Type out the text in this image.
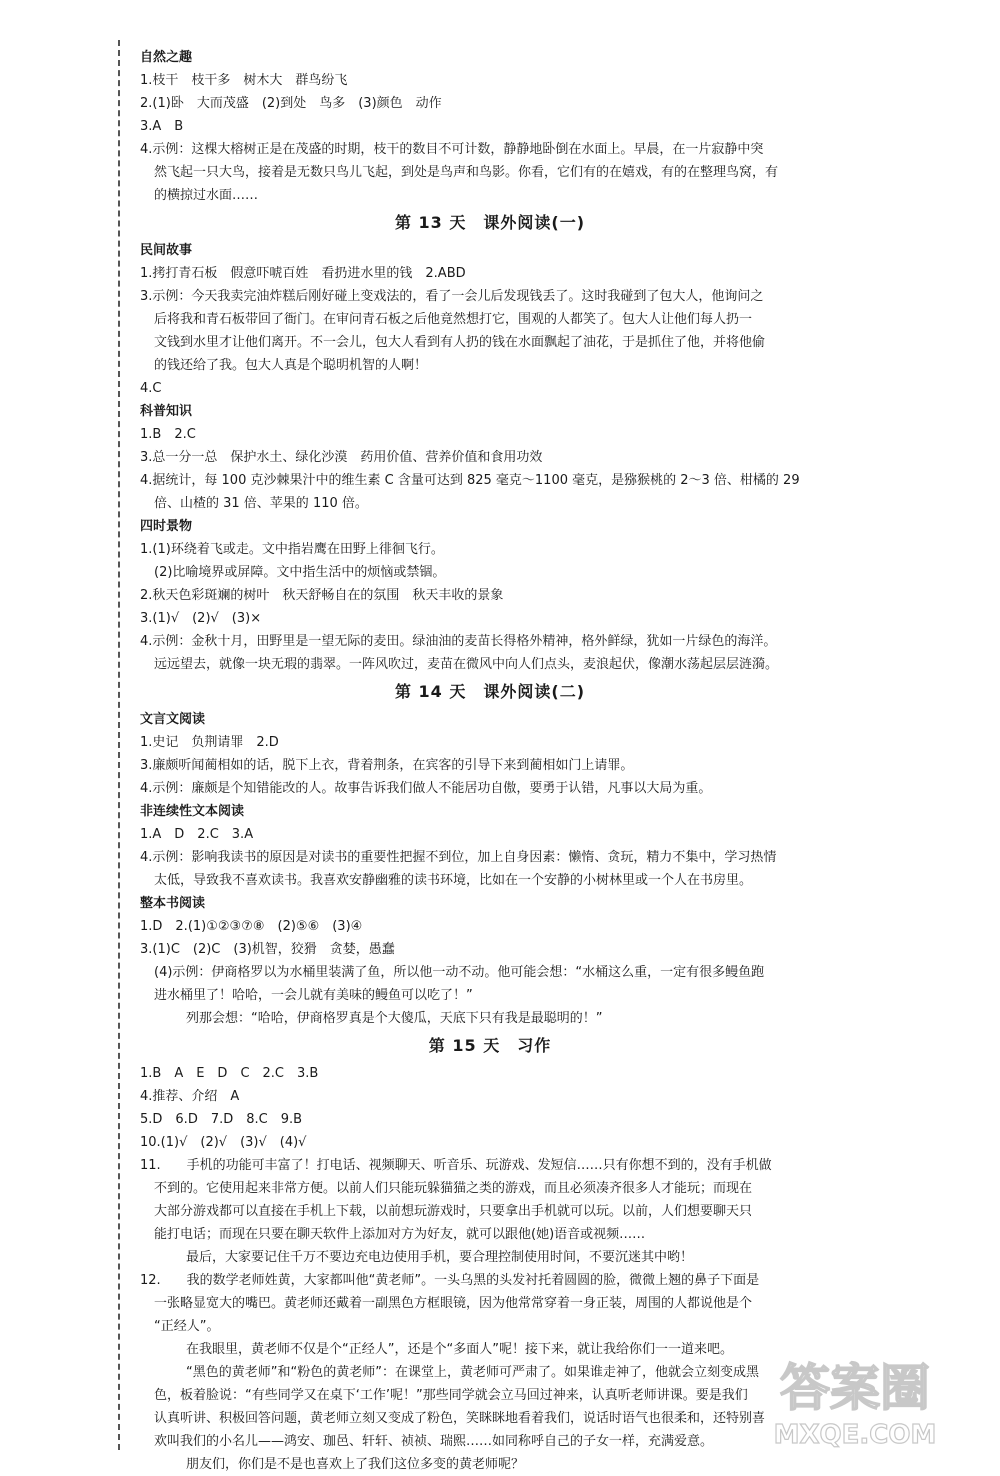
自然之趣
1.枝干　枝干多　树木大　群鸟纷飞
2.(1)卧　大而茂盛　(2)到处　鸟多　(3)颜色　动作
3.A　B
4.示例：这棵大榕树正是在茂盛的时期，枝干的数目不可计数，静静地卧倒在水面上。早晨，在一片寂静中突
然飞起一只大鸟，接着是无数只鸟儿飞起，到处是鸟声和鸟影。你看，它们有的在嬉戏，有的在整理鸟窝，有
的横掠过水面……
第 13 天　课外阅读(一)
民间故事
1.拷打青石板　假意吓唬百姓　看扔进水里的钱　2.ABD
3.示例：今天我卖完油炸糕后刚好碰上变戏法的，看了一会儿后发现钱丢了。这时我碰到了包大人，他询问之
后将我和青石板带回了衙门。在审问青石板之后他竟然想打它，围观的人都笑了。包大人让他们每人扔一
文钱到水里才让他们离开。不一会儿，包大人看到有人扔的钱在水面飘起了油花，于是抓住了他，并将他偷
的钱还给了我。包大人真是个聪明机智的人啊！
4.C
科普知识
1.B　2.C
3.总一分一总　保护水土、绿化沙漠　药用价值、营养价值和食用功效
4.据统计，每 100 克沙棘果汁中的维生素 C 含量可达到 825 毫克～1100 毫克，是猕猴桃的 2～3 倍、柑橘的 29
倍、山楂的 31 倍、苹果的 110 倍。
四时景物
1.(1)环绕着飞或走。文中指岩鹰在田野上徘徊飞行。
(2)比喻境界或屏障。文中指生活中的烦恼或禁锢。
2.秋天色彩斑斓的树叶　秋天舒畅自在的氛围　秋天丰收的景象
3.(1)√　(2)√　(3)×
4.示例：金秋十月，田野里是一望无际的麦田。绿油油的麦苗长得格外精神，格外鲜绿，犹如一片绿色的海洋。
远远望去，就像一块无瑕的翡翠。一阵风吹过，麦苗在微风中向人们点头，麦浪起伏，像潮水荡起层层涟漪。
第 14 天　课外阅读(二)
文言文阅读
1.史记　负荆请罪　2.D
3.廉颇听闻蔺相如的话，脱下上衣，背着荆条，在宾客的引导下来到蔺相如门上请罪。
4.示例：廉颇是个知错能改的人。故事告诉我们做人不能居功自傲，要勇于认错，凡事以大局为重。
非连续性文本阅读
1.A　D　2.C　3.A
4.示例：影响我读书的原因是对读书的重要性把握不到位，加上自身因素：懒惰、贪玩，精力不集中，学习热情
太低，导致我不喜欢读书。我喜欢安静幽雅的读书环境，比如在一个安静的小树林里或一个人在书房里。
整本书阅读
1.D　2.(1)①②③⑦⑧　(2)⑤⑥　(3)④
3.(1)C　(2)C　(3)机智，狡猾　贪婪，愚蠢
(4)示例：伊商格罗以为水桶里装满了鱼，所以他一动不动。他可能会想：“水桶这么重，一定有很多鳗鱼跑
进水桶里了！哈哈，一会儿就有美味的鳗鱼可以吃了！”
列那会想：“哈哈，伊商格罗真是个大傻瓜，天底下只有我是最聪明的！”
第 15 天　习作
1.B　A　E　D　C　2.C　3.B
4.推荐、介绍　A
5.D　6.D　7.D　8.C　9.B
10.(1)√　(2)√　(3)√　(4)√
11.　　手机的功能可丰富了！打电话、视频聊天、听音乐、玩游戏、发短信……只有你想不到的，没有手机做
不到的。它使用起来非常方便。以前人们只能玩躲猫猫之类的游戏，而且必须凑齐很多人才能玩；而现在
大部分游戏都可以直接在手机上下载，以前想玩游戏时，只要拿出手机就可以玩。以前，人们想要聊天只
能打电话；而现在只要在聊天软件上添加对方为好友，就可以跟他(她)语音或视频……
最后，大家要记住千万不要边充电边使用手机，要合理控制使用时间，不要沉迷其中哟！
12.　　我的数学老师姓黄，大家都叫他“黄老师”。一头乌黑的头发衬托着圆圆的脸，微微上翘的鼻子下面是
一张略显宽大的嘴巴。黄老师还戴着一副黑色方框眼镜，因为他常常穿着一身正装，周围的人都说他是个
“正经人”。
在我眼里，黄老师不仅是个“正经人”，还是个“多面人”呢！接下来，就让我给你们一一道来吧。
“黑色的黄老师”和“粉色的黄老师”：在课堂上，黄老师可严肃了。如果谁走神了，他就会立刻变成黑
色，板着脸说：“有些同学又在桌下‘工作’呢！”那些同学就会立马回过神来，认真听老师讲课。要是我们
认真听讲、积极回答问题，黄老师立刻又变成了粉色，笑眯眯地看着我们，说话时语气也很柔和，还特别喜
欢叫我们的小名儿——鸿安、珈邑、轩轩、祯祯、瑞熙……如同称呼自己的子女一样，充满爱意。
朋友们，你们是不是也喜欢上了我们这位多变的黄老师呢？
答案圈
MXQE.COM
